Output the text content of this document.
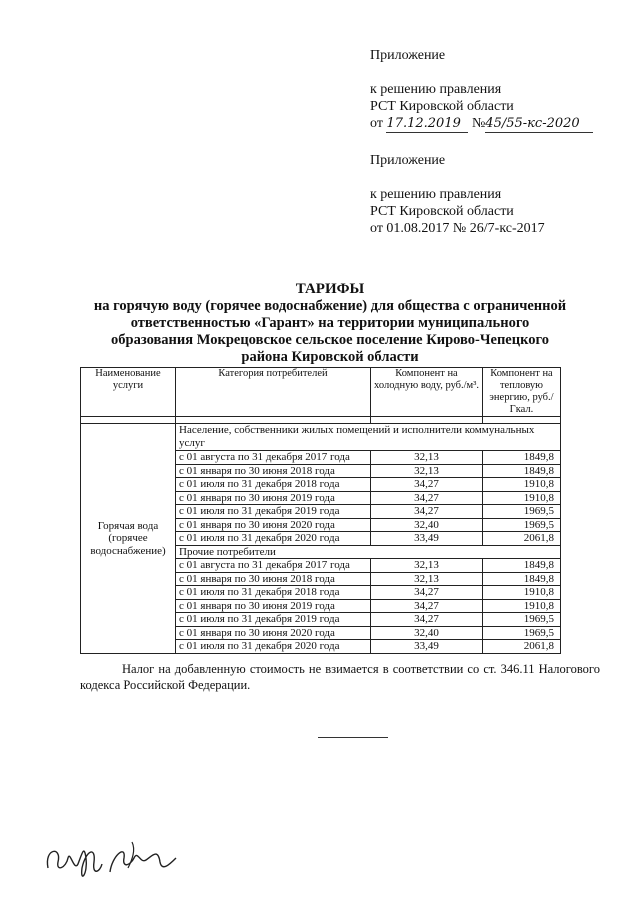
Приложение
к решению правления
РСТ Кировской области
от 17.12.2019 №45/55-кс-2020
Приложение
к решению правления
РСТ Кировской области
от 01.08.2017 № 26/7-кс-2017
ТАРИФЫ
на горячую воду (горячее водоснабжение) для общества с ограниченной
ответственностью «Гарант» на территории муниципального
образования Мокрецовское сельское поселение Кирово-Чепецкого
района Кировской области
Наименование услуги	Категория потребителей	Компонент на холодную воду, руб./м³.	Компонент на тепловую энергию, руб./Гкал.

Горячая вода (горячее водоснабжение)	Население, собственники жилых помещений и исполнители коммунальных услуг		
	с 01 августа по 31 декабря 2017 года	32,13	1849,8
	с 01 января по 30 июня 2018 года	32,13	1849,8
	с 01 июля по 31 декабря 2018 года	34,27	1910,8
	с 01 января по 30 июня 2019 года	34,27	1910,8
	с 01 июля по 31 декабря 2019 года	34,27	1969,5
	с 01 января по 30 июня 2020 года	32,40	1969,5
	с 01 июля по 31 декабря 2020 года	33,49	2061,8
	Прочие потребители		
	с 01 августа по 31 декабря 2017 года	32,13	1849,8
	с 01 января по 30 июня 2018 года	32,13	1849,8
	с 01 июля по 31 декабря 2018 года	34,27	1910,8
	с 01 января по 30 июня 2019 года	34,27	1910,8
	с 01 июля по 31 декабря 2019 года	34,27	1969,5
	с 01 января по 30 июня 2020 года	32,40	1969,5
	с 01 июля по 31 декабря 2020 года	33,49	2061,8
Налог на добавленную стоимость не взимается в соответствии со ст. 346.11 Налогового кодекса Российской Федерации.
